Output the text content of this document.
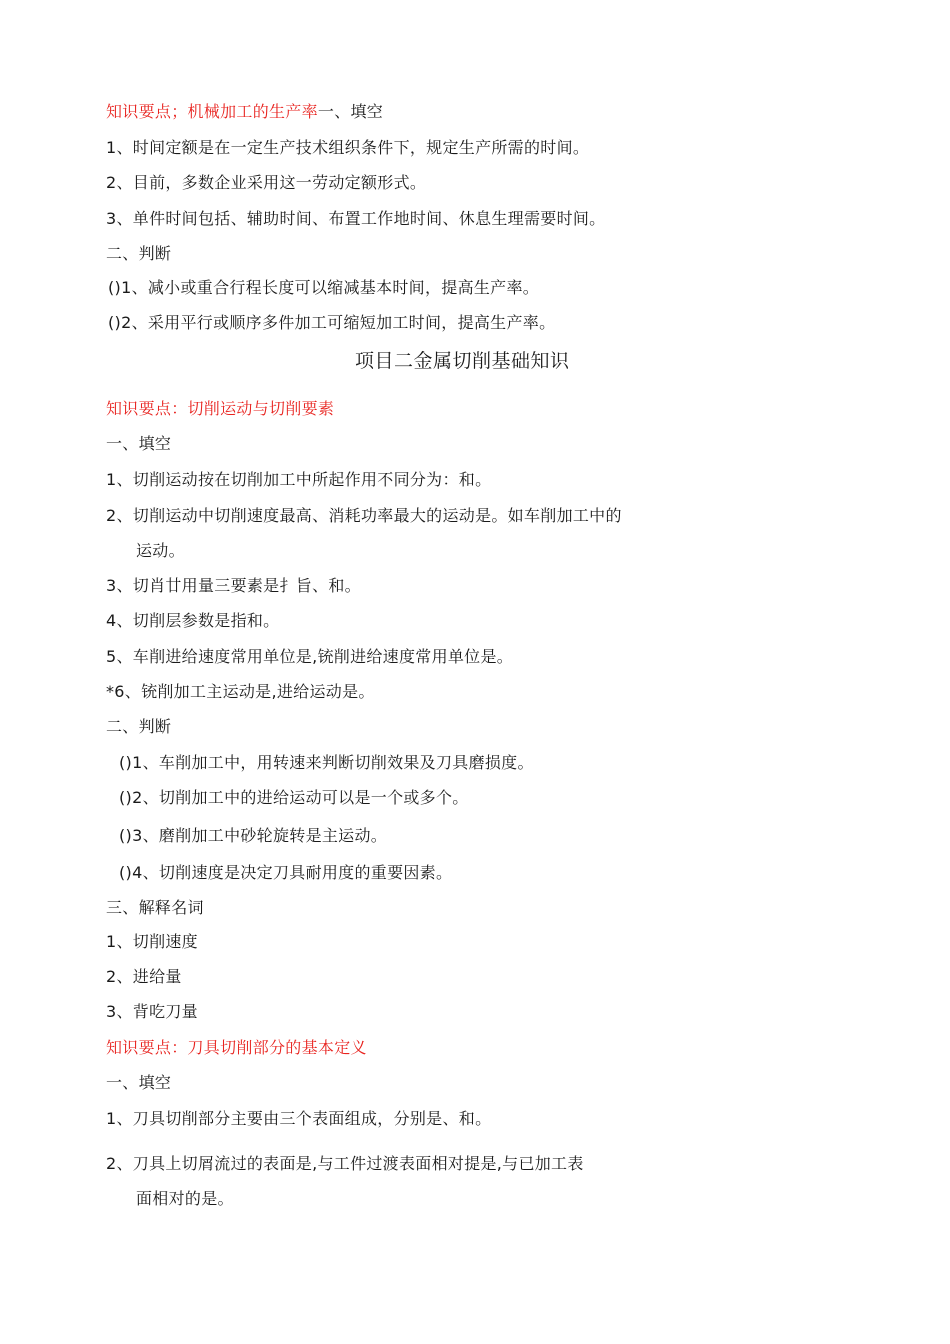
知识要点；机械加工的生产率一、填空
1、时间定额是在一定生产技术组织条件下，规定生产所需的时间。
2、目前，多数企业采用这一劳动定额形式。
3、单件时间包括、辅助时间、布置工作地时间、休息生理需要时间。
二、判断
()1、减小或重合行程长度可以缩减基本时间，提高生产率。
()2、采用平行或顺序多件加工可缩短加工时间，提高生产率。
项目二金属切削基础知识
知识要点：切削运动与切削要素
一、填空
1、切削运动按在切削加工中所起作用不同分为：和。
2、切削运动中切削速度最高、消耗功率最大的运动是。如车削加工中的
运动。
3、切肖廿用量三要素是扌旨、和。
4、切削层参数是指和。
5、车削进给速度常用单位是,铳削进给速度常用单位是。
*6、铳削加工主运动是,进给运动是。
二、判断
()1、车削加工中，用转速来判断切削效果及刀具磨损度。
()2、切削加工中的进给运动可以是一个或多个。
()3、磨削加工中砂轮旋转是主运动。
()4、切削速度是决定刀具耐用度的重要因素。
三、解释名词
1、切削速度
2、进给量
3、背吃刀量
知识要点：刀具切削部分的基本定义
一、填空
1、刀具切削部分主要由三个表面组成，分别是、和。
2、刀具上切屑流过的表面是,与工件过渡表面相对提是,与已加工表
面相对的是。
